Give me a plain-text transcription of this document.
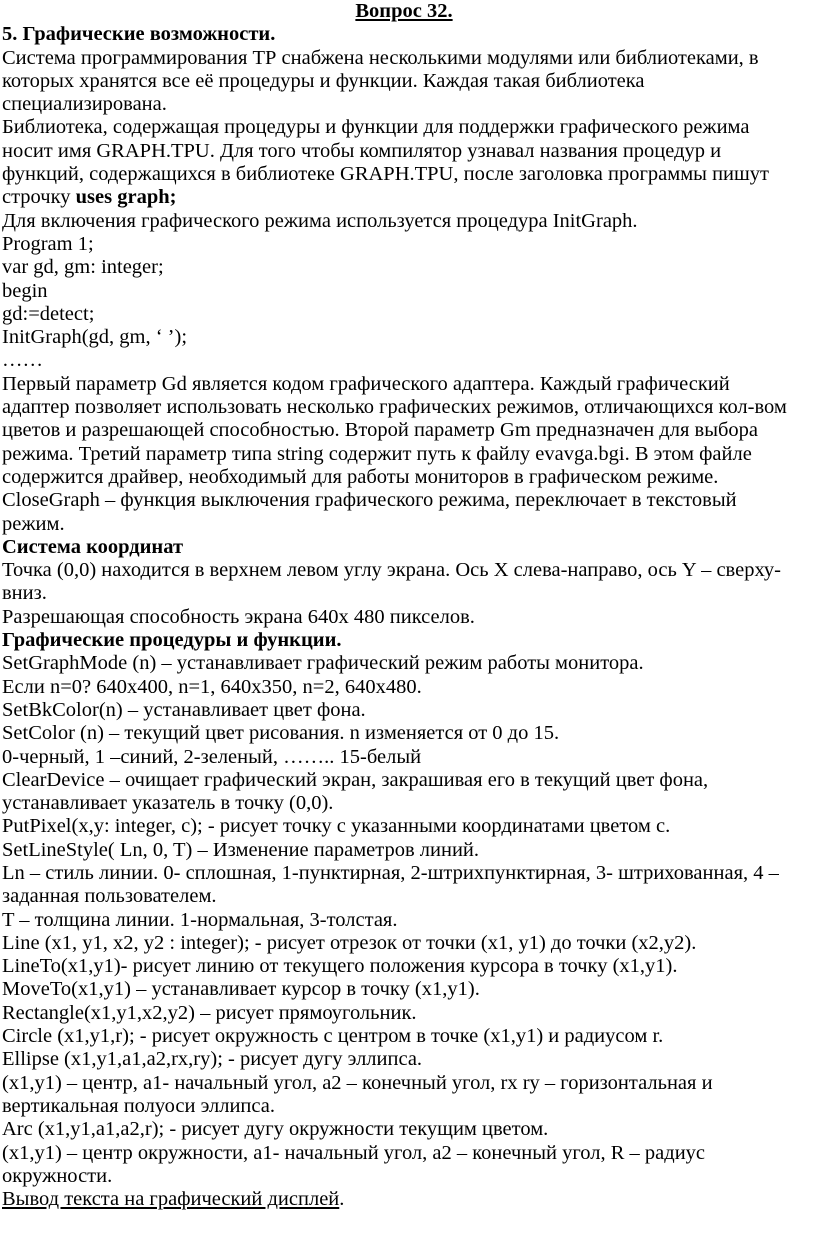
Вопрос 32.
5. Графические возможности.
Система программирования ТР снабжена несколькими модулями или библиотеками, в
которых хранятся все её процедуры и функции. Каждая такая библиотека
специализирована.
Библиотека, содержащая процедуры и функции для поддержки графического режима
носит имя GRAPH.TPU. Для того чтобы компилятор узнавал названия процедур и
функций, содержащихся в библиотеке GRAPH.TPU, после заголовка программы пишут
строчку uses graph;
Для включения графического режима используется процедура InitGraph.
Program 1;
var gd, gm: integer;
begin
gd:=detect;
InitGraph(gd, gm, ‘ ’);
……
Первый параметр Gd является кодом графического адаптера. Каждый графический
адаптер позволяет использовать несколько графических режимов, отличающихся кол-вом
цветов и разрешающей способностью. Второй параметр Gm предназначен для выбора
режима. Третий параметр типа string содержит путь к файлу evavga.bgi. В этом файле
содержится драйвер, необходимый для работы мониторов в графическом режиме.
CloseGraph – функция выключения графического режима, переключает в текстовый
режим.
Система координат
Точка (0,0) находится в верхнем левом углу экрана. Ось X слева-направо, ось Y – сверху-
вниз.
Разрешающая способность экрана 640х 480 пикселов.
Графические процедуры и функции.
SetGraphMode (n) – устанавливает графический режим работы монитора.
Если n=0? 640x400, n=1, 640x350, n=2, 640x480.
SetBkColor(n) – устанавливает цвет фона.
SetColor (n) – текущий цвет рисования. n изменяется от 0 до 15.
0-черный, 1 –синий, 2-зеленый, …….. 15-белый
ClearDevice – очищает графический экран, закрашивая его в текущий цвет фона,
устанавливает указатель в точку (0,0).
PutPixel(x,y: integer, c); - рисует точку с указанными координатами цветом с.
SetLineStyle( Ln, 0, T) – Изменение параметров линий.
Ln – стиль линии. 0- сплошная, 1-пунктирная, 2-штрихпунктирная, 3- штрихованная, 4 –
заданная пользователем.
T – толщина линии. 1-нормальная, 3-толстая.
Line (x1, y1, x2, y2 : integer); - рисует отрезок от точки (x1, y1) до точки (x2,y2).
LineTo(x1,y1)- рисует линию от текущего положения курсора в точку (x1,y1).
MoveTo(x1,y1) – устанавливает курсор в точку (x1,y1).
Rectangle(x1,y1,x2,y2) – рисует прямоугольник.
Circle (x1,y1,r); - рисует окружность с центром в точке (x1,y1) и радиусом r.
Ellipse (x1,y1,a1,a2,rx,ry); - рисует дугу эллипса.
(x1,y1) – центр, a1- начальный угол, a2 – конечный угол, rx ry – горизонтальная и
вертикальная полуоси эллипса.
Arc (x1,y1,a1,a2,r); - рисует дугу окружности текущим цветом.
(x1,y1) – центр окружности, a1- начальный угол, a2 – конечный угол, R – радиус
окружности.
Вывод текста на графический дисплей.
